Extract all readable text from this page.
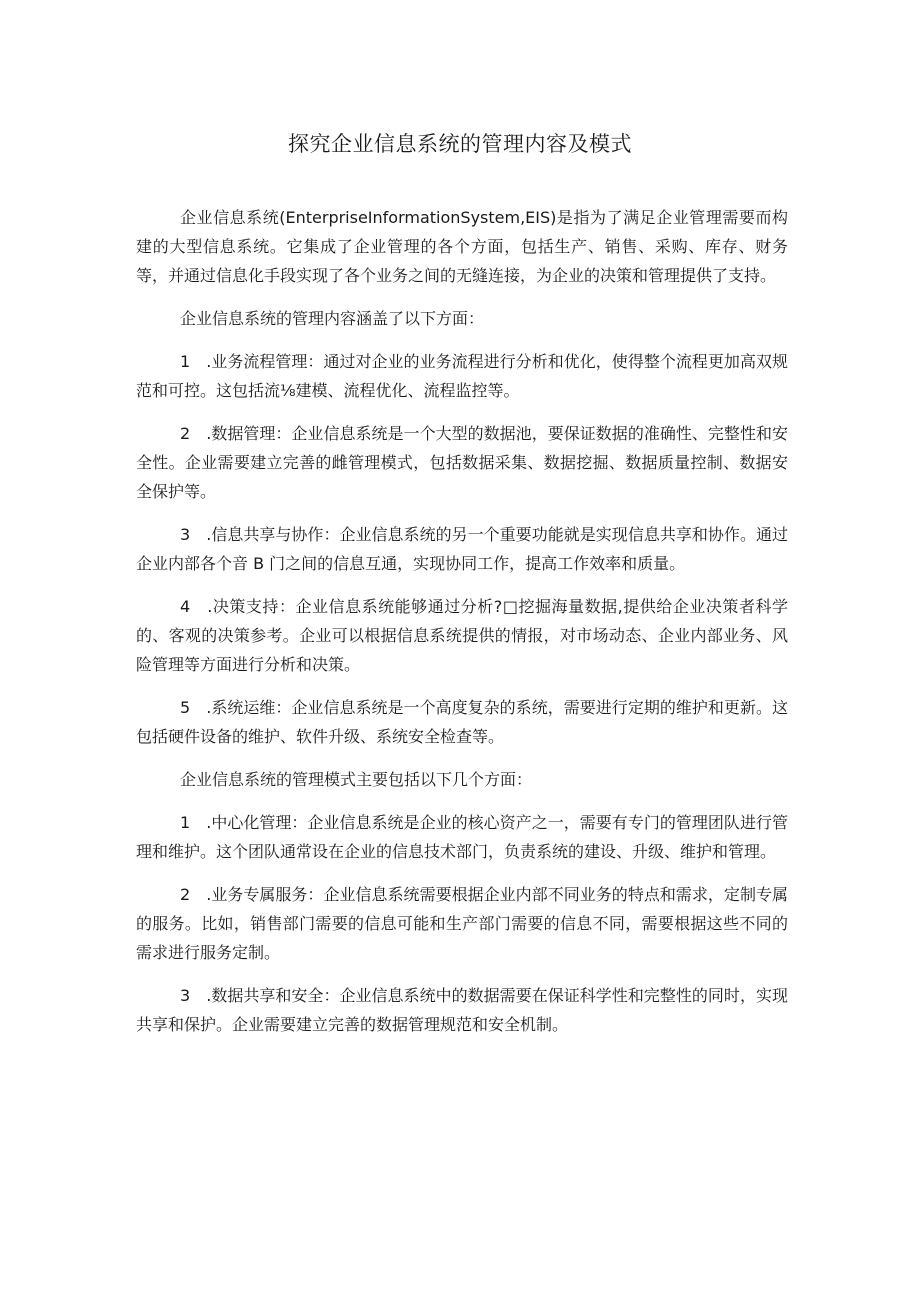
探究企业信息系统的管理内容及模式

企业信息系统(EnterpriseInformationSystem,EIS)是指为了满足企业管理需要而构建的大型信息系统。它集成了企业管理的各个方面，包括生产、销售、采购、库存、财务等，并通过信息化手段实现了各个业务之间的无缝连接，为企业的决策和管理提供了支持。

企业信息系统的管理内容涵盖了以下方面：

1　.业务流程管理：通过对企业的业务流程进行分析和优化，使得整个流程更加高双规范和可控。这包括流⅛建模、流程优化、流程监控等。

2　.数据管理：企业信息系统是一个大型的数据池，要保证数据的准确性、完整性和安全性。企业需要建立完善的雌管理模式，包括数据采集、数据挖掘、数据质量控制、数据安全保护等。

3　.信息共享与协作：企业信息系统的另一个重要功能就是实现信息共享和协作。通过企业内部各个音 B 门之间的信息互通，实现协同工作，提高工作效率和质量。

4　.决策支持：企业信息系统能够通过分析?□挖掘海量数据,提供给企业决策者科学的、客观的决策参考。企业可以根据信息系统提供的情报，对市场动态、企业内部业务、风险管理等方面进行分析和决策。

5　.系统运维：企业信息系统是一个高度复杂的系统，需要进行定期的维护和更新。这包括硬件设备的维护、软件升级、系统安全检查等。

企业信息系统的管理模式主要包括以下几个方面：

1　.中心化管理：企业信息系统是企业的核心资产之一，需要有专门的管理团队进行管理和维护。这个团队通常设在企业的信息技术部门，负责系统的建设、升级、维护和管理。

2　.业务专属服务：企业信息系统需要根据企业内部不同业务的特点和需求，定制专属的服务。比如，销售部门需要的信息可能和生产部门需要的信息不同，需要根据这些不同的需求进行服务定制。

3　.数据共享和安全：企业信息系统中的数据需要在保证科学性和完整性的同时，实现共享和保护。企业需要建立完善的数据管理规范和安全机制。
